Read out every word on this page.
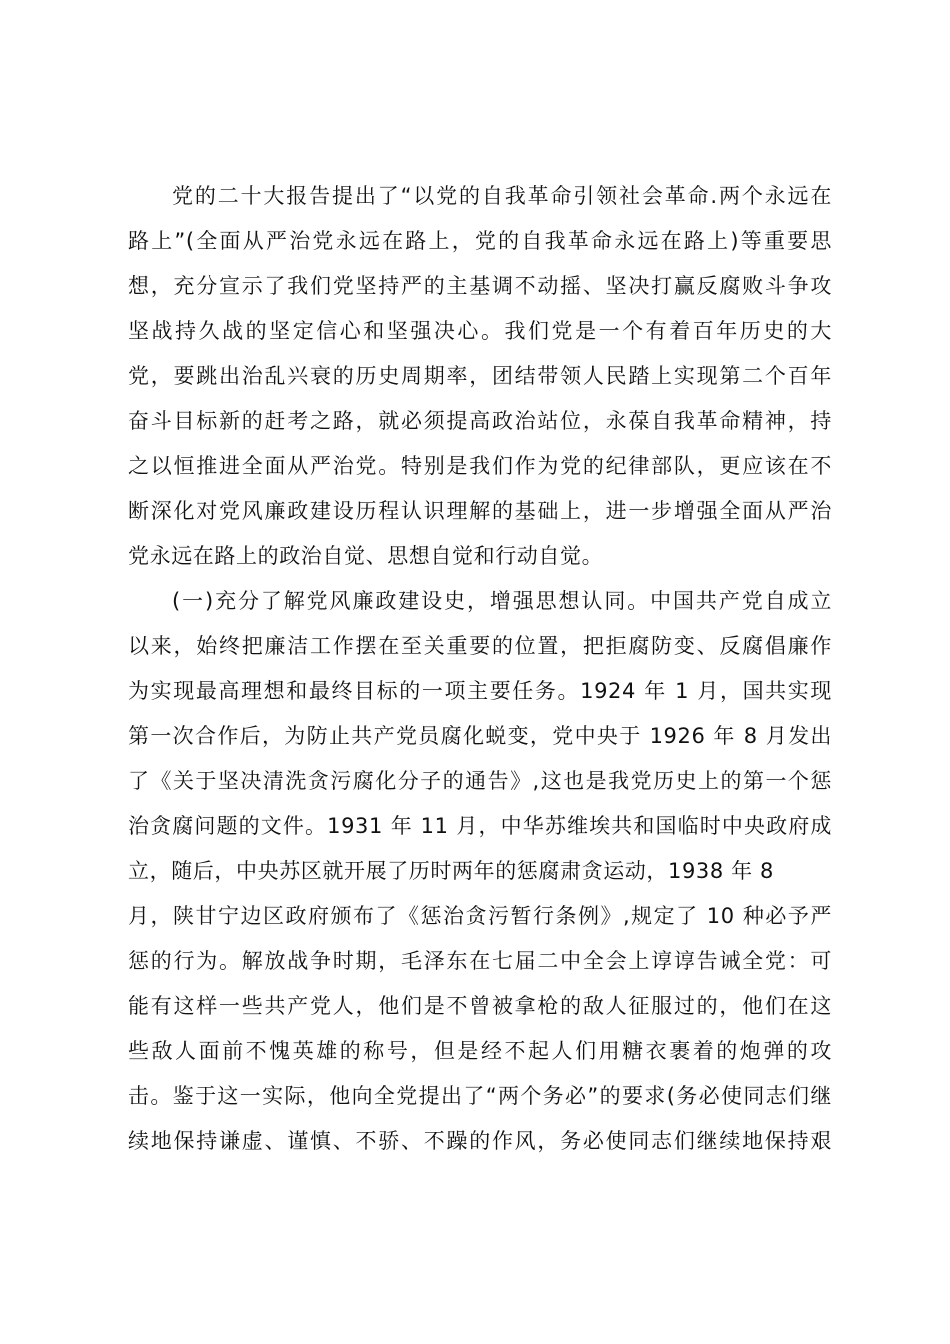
党的二十大报告提出了“以党的自我革命引领社会革命.两个永远在
路上”(全面从严治党永远在路上，党的自我革命永远在路上)等重要思
想，充分宣示了我们党坚持严的主基调不动摇、坚决打赢反腐败斗争攻
坚战持久战的坚定信心和坚强决心。我们党是一个有着百年历史的大
党，要跳出治乱兴衰的历史周期率，团结带领人民踏上实现第二个百年
奋斗目标新的赶考之路，就必须提高政治站位，永葆自我革命精神，持
之以恒推进全面从严治党。特别是我们作为党的纪律部队，更应该在不
断深化对党风廉政建设历程认识理解的基础上，进一步增强全面从严治
党永远在路上的政治自觉、思想自觉和行动自觉。
(一)充分了解党风廉政建设史，增强思想认同。中国共产党自成立
以来，始终把廉洁工作摆在至关重要的位置，把拒腐防变、反腐倡廉作
为实现最高理想和最终目标的一项主要任务。1924 年 1 月，国共实现
第一次合作后，为防止共产党员腐化蜕变，党中央于 1926 年 8 月发出
了《关于坚决清洗贪污腐化分子的通告》,这也是我党历史上的第一个惩
治贪腐问题的文件。1931 年 11 月，中华苏维埃共和国临时中央政府成
立，随后，中央苏区就开展了历时两年的惩腐肃贪运动，1938 年 8
月，陕甘宁边区政府颁布了《惩治贪污暂行条例》,规定了 10 种必予严
惩的行为。解放战争时期，毛泽东在七届二中全会上谆谆告诫全党：可
能有这样一些共产党人，他们是不曾被拿枪的敌人征服过的，他们在这
些敌人面前不愧英雄的称号，但是经不起人们用糖衣裹着的炮弹的攻
击。鉴于这一实际，他向全党提出了“两个务必”的要求(务必使同志们继
续地保持谦虚、谨慎、不骄、不躁的作风，务必使同志们继续地保持艰
